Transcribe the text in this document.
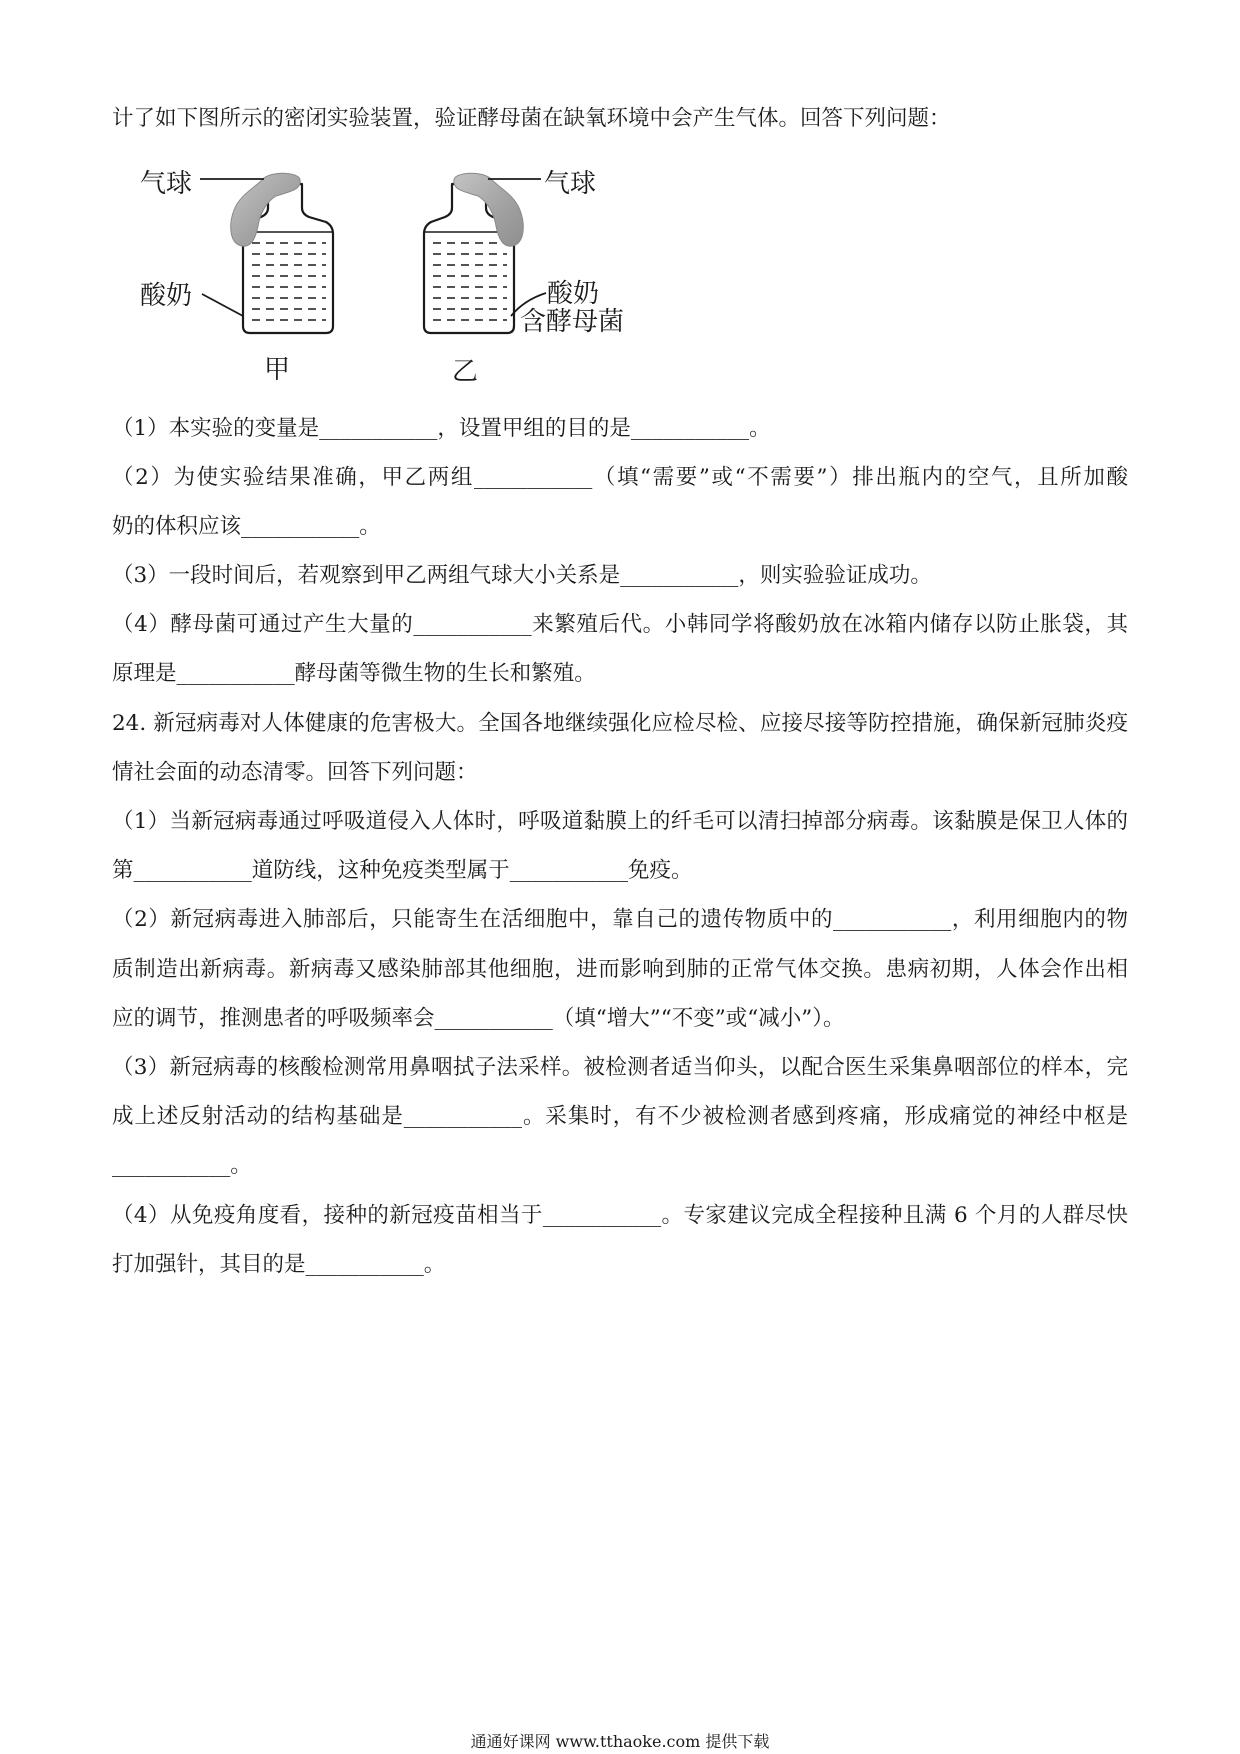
计了如下图所示的密闭实验装置，验证酵母菌在缺氧环境中会产生气体。回答下列问题：
气球
酸奶
甲
气球
酸奶
含酵母菌
乙
（1）本实验的变量是___________，设置甲组的目的是___________。
（2）为使实验结果准确，甲乙两组___________（填“需要”或“不需要”）排出瓶内的空气，且所加酸
奶的体积应该___________。
（3）一段时间后，若观察到甲乙两组气球大小关系是___________，则实验验证成功。
（4）酵母菌可通过产生大量的___________来繁殖后代。小韩同学将酸奶放在冰箱内储存以防止胀袋，其
原理是___________酵母菌等微生物的生长和繁殖。
24. 新冠病毒对人体健康的危害极大。全国各地继续强化应检尽检、应接尽接等防控措施，确保新冠肺炎疫
情社会面的动态清零。回答下列问题：
（1）当新冠病毒通过呼吸道侵入人体时，呼吸道黏膜上的纤毛可以清扫掉部分病毒。该黏膜是保卫人体的
第___________道防线，这种免疫类型属于___________免疫。
（2）新冠病毒进入肺部后，只能寄生在活细胞中，靠自己的遗传物质中的___________，利用细胞内的物
质制造出新病毒。新病毒又感染肺部其他细胞，进而影响到肺的正常气体交换。患病初期，人体会作出相
应的调节，推测患者的呼吸频率会___________（填“增大”“不变”或“减小”）。
（3）新冠病毒的核酸检测常用鼻咽拭子法采样。被检测者适当仰头，以配合医生采集鼻咽部位的样本，完
成上述反射活动的结构基础是___________。采集时，有不少被检测者感到疼痛，形成痛觉的神经中枢是
___________。
（4）从免疫角度看，接种的新冠疫苗相当于___________。专家建议完成全程接种且满 6 个月的人群尽快
打加强针，其目的是___________。
通通好课网 www.tthaoke.com 提供下载
